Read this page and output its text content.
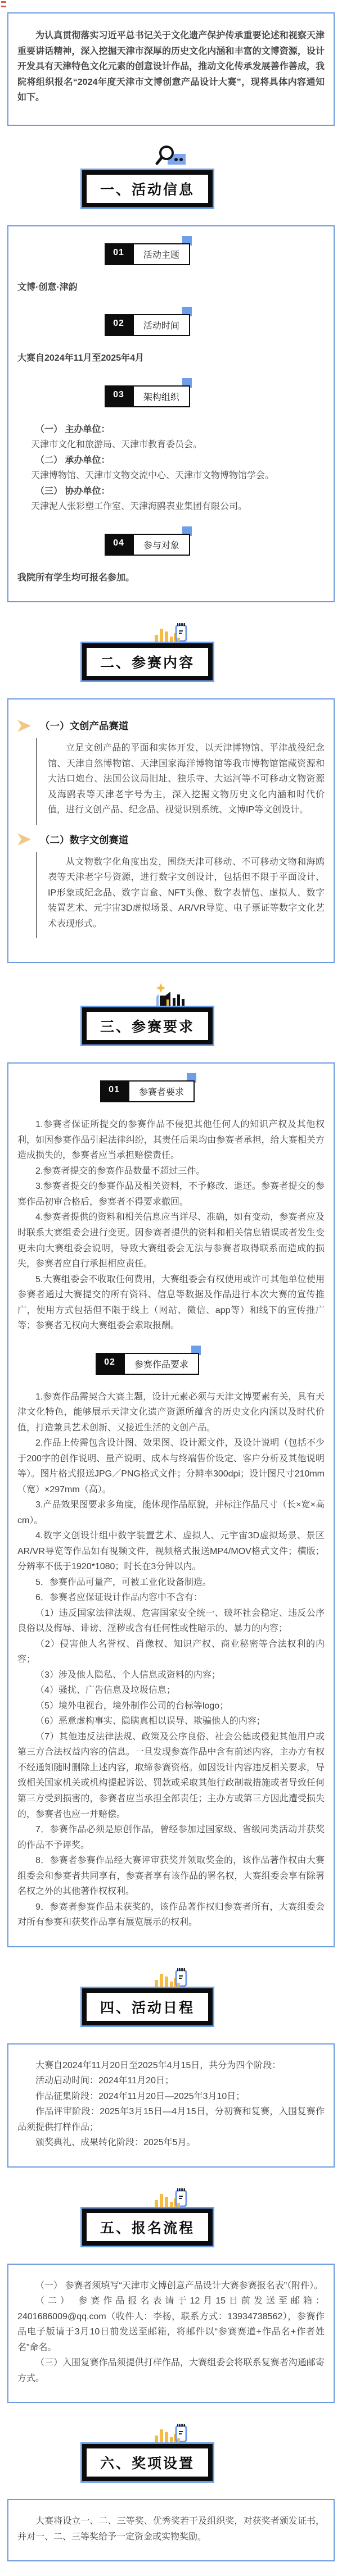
为认真贯彻落实习近平总书记关于文化遗产保护传承重要论述和视察天津重要讲话精神，深入挖掘天津市深厚的历史文化内涵和丰富的文博资源，设计开发具有天津特色文化元素的创意设计作品，推动文化传承发展善作善成，我院将组织报名“2024年度天津市文博创意产品设计大赛”，现将具体内容通知如下。

一、活动信息
01	活动主题

文博·创意·津韵

02	活动时间

大赛自2024年11月至2025年4月

03	架构组织

（一） 主办单位：

天津市文化和旅游局、天津市教育委员会。

（二） 承办单位：

天津博物馆、天津市文物交流中心、天津市文物博物馆学会。

（三） 协办单位：

天津泥人张彩塑工作室、天津海鸥表业集团有限公司。

04	参与对象

我院所有学生均可报名参加。

二、参赛内容
（一）文创产品赛道

立足文创产品的平面和实体开发，以天津博物馆、平津战役纪念馆、天津自然博物馆、天津国家海洋博物馆等我市博物馆馆藏资源和大沽口炮台、法国公议局旧址、独乐寺、大运河等不可移动文物资源及海鸥表等天津老字号为主，深入挖掘文物历史文化内涵和时代价值，进行文创产品、纪念品、视觉识别系统、文博IP等文创设计。

（二）数字文创赛道

从文物数字化角度出发，围绕天津可移动、不可移动文物和海鸥表等天津老字号资源，进行数字文创设计，包括但不限于平面设计、IP形象或纪念品、数字盲盒、NFT头像、数字表情包、虚拟人、数字装置艺术、元宇宙3D虚拟场景、AR/VR导览、电子票证等数字文化艺术表现形式。

三、参赛要求
01	参赛者要求

1.参赛者保证所提交的参赛作品不侵犯其他任何人的知识产权及其他权利，如因参赛作品引起法律纠纷，其责任后果均由参赛者承担，给大赛相关方造成损失的，参赛者应当承担赔偿责任。

2.参赛者提交的参赛作品数量不超过三件。

3.参赛者提交的参赛作品及相关资料，不予修改、退还。参赛者提交的参赛作品初审合格后，参赛者不得要求撤回。

4.参赛者提供的资料和相关信息应当详尽、准确，如有变动，参赛者应及时联系大赛组委会进行变更。因参赛者提供的资料和相关信息错误或者发生变更未向大赛组委会说明，导致大赛组委会无法与参赛者取得联系而造成的损失，参赛者应自行承担相应责任。

5.大赛组委会不收取任何费用，大赛组委会有权使用或许可其他单位使用参赛者通过大赛提交的所有资料、信息等数据及作品进行本次大赛的宣传推广，使用方式包括但不限于线上（网站、微信、app等）和线下的宣传推广等；参赛者无权向大赛组委会索取报酬。

02	参赛作品要求

1.参赛作品需契合大赛主题，设计元素必须与天津文博要素有关，具有天津文化特色，能够展示天津文化遗产资源所蕴含的历史文化内涵以及时代价值，打造兼具艺术创新、又接近生活的文创产品。

2.作品上传需包含设计图、效果图、设计源文件，及设计说明（包括不少于200字的创作说明、量产说明、成本与终端售价设定、客户分析及其他说明等）。图片格式报送JPG／PNG格式文件；分辨率300dpi；设计图尺寸210mm（宽）×297mm（高）。

3.产品效果图要求多角度，能体现作品原貌，并标注作品尺寸（长×宽×高cm）。

4.数字文创设计组中数字装置艺术、虚拟人、元宇宙3D虚拟场景、景区AR/VR导览等作品如有视频文件，视频格式报送MP4/MOV格式文件；横版；分辨率不低于1920*1080；时长在3分钟以内。

5．参赛作品可量产，可被工业化设备制造。

6．参赛者应保证设计作品内容中不含有：

（1）违反国家法律法规、危害国家安全统一、破坏社会稳定、违反公序良俗以及侮辱、诽谤、淫秽或含有任何性或性暗示的、暴力的内容；

（2）侵害他人名誉权、肖像权、知识产权、商业秘密等合法权利的内容；

（3）涉及他人隐私、个人信息或资料的内容；

（4）骚扰、广告信息及垃圾信息；

（5）境外电视台，境外制作公司的台标等logo；

（6）恶意虚构事实、隐瞒真相以误导、欺骗他人的内容；

（7）其他违反法律法规、政策及公序良俗、社会公德或侵犯其他用户或第三方合法权益内容的信息。一旦发现参赛作品中含有前述内容，主办方有权不经通知随时删除上述内容，取缔参赛资格。如因设计内容违反相关要求，导致相关国家机关或机构提起诉讼、罚款或采取其他行政制裁措施或者导致任何第三方受到损害的，参赛者应当承担全部责任；主办方或第三方因此遭受损失的，参赛者也应一并赔偿。

7．参赛作品必须是原创作品，曾经参加过国家级、省级同类活动并获奖的作品不予评奖。

8．参赛者参赛作品经大赛评审获奖并领取奖金的，该作品著作权由大赛组委会和参赛者共同享有，参赛者享有该作品的署名权，大赛组委会享有除署名权之外的其他著作权权利。

9．参赛者参赛作品未获奖的，该作品著作权归参赛者所有，大赛组委会对所有参赛和获奖作品享有展览展示的权利。

四、活动日程

大赛自2024年11月20日至2025年4月15日，共分为四个阶段：

活动启动时间：2024年11月20日；

作品征集阶段：2024年11月20日—2025年3月10日；

作品评审阶段：2025年3月15日—4月15日，分初赛和复赛，入围复赛作品须提供打样作品；

颁奖典礼、成果转化阶段：2025年5月。

五、报名流程

（一） 参赛者须填写“天津市文博创意产品设计大赛参赛报名表”（附件）。

（二） 参赛作品报名表请于12月15日前发送至邮箱：2401686009@qq.com（收件人：李杨，联系方式：13934738562），参赛作品电子版请于3月10日前发送至邮箱，将邮件以“参赛赛道+作品名+作者姓名”命名。

（三）入围复赛作品须提供打样作品，大赛组委会将联系复赛者沟通邮寄方式。

六、奖项设置

大赛将设立一、二、三等奖、优秀奖若干及组织奖，对获奖者颁发证书，并对一、二、三等奖给予一定资金或实物奖励。
